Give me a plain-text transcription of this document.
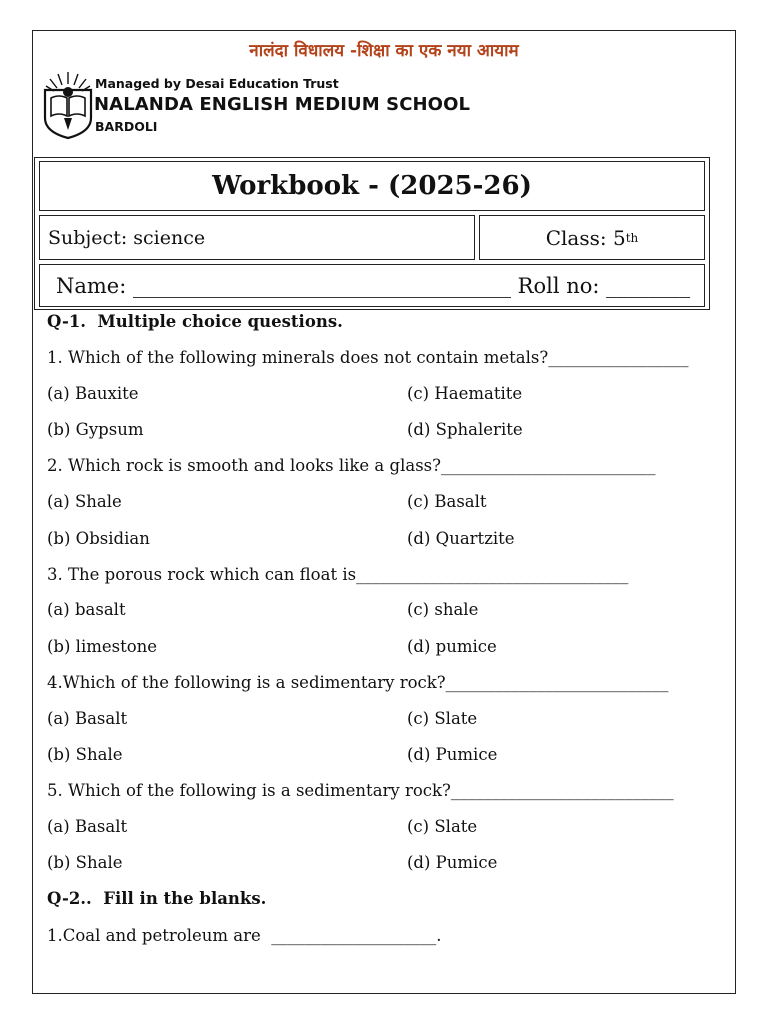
नालंदा विधालय -शिक्षा का एक नया आयाम
Managed by Desai Education Trust
NALANDA ENGLISH MEDIUM SCHOOL
BARDOLI
Workbook - (2025-26)
Subject: science	Class: 5 th
Name: ____________________________________ Roll no: ________
Q-1.  Multiple choice questions.
1. Which of the following minerals does not contain metals?_________________
(a) Bauxite	(c) Haematite
(b) Gypsum	(d) Sphalerite
2. Which rock is smooth and looks like a glass?__________________________
(a) Shale	(c) Basalt
(b) Obsidian	(d) Quartzite
3. The porous rock which can float is_________________________________
(a) basalt	(c) shale
(b) limestone	(d) pumice
4.Which of the following is a sedimentary rock?___________________________
(a) Basalt	(c) Slate
(b) Shale	(d) Pumice
5. Which of the following is a sedimentary rock?___________________________
(a) Basalt	(c) Slate
(b) Shale	(d) Pumice
Q-2..  Fill in the blanks.
1.Coal and petroleum are  ____________________.
